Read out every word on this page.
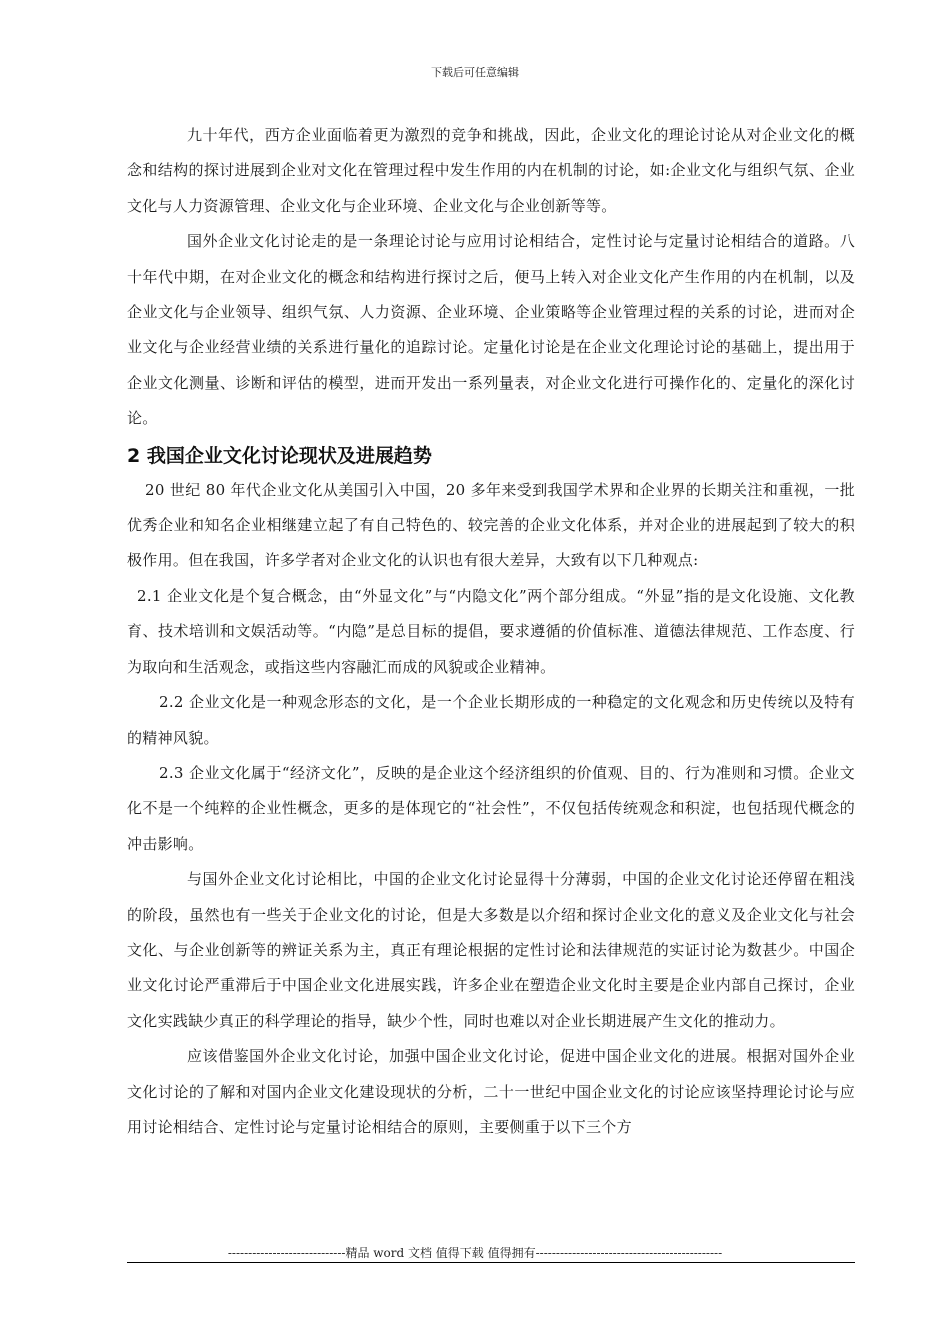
下载后可任意编辑

九十年代，西方企业面临着更为激烈的竞争和挑战，因此，企业文化的理论讨论从对企业文化的概念和结构的探讨进展到企业对文化在管理过程中发生作用的内在机制的讨论，如:企业文化与组织气氛、企业文化与人力资源管理、企业文化与企业环境、企业文化与企业创新等等。

国外企业文化讨论走的是一条理论讨论与应用讨论相结合，定性讨论与定量讨论相结合的道路。八十年代中期，在对企业文化的概念和结构进行探讨之后，便马上转入对企业文化产生作用的内在机制，以及企业文化与企业领导、组织气氛、人力资源、企业环境、企业策略等企业管理过程的关系的讨论，进而对企业文化与企业经营业绩的关系进行量化的追踪讨论。定量化讨论是在企业文化理论讨论的基础上，提出用于企业文化测量、诊断和评估的模型，进而开发出一系列量表，对企业文化进行可操作化的、定量化的深化讨论。

2 我国企业文化讨论现状及进展趋势

20 世纪 80 年代企业文化从美国引入中国，20 多年来受到我国学术界和企业界的长期关注和重视，一批优秀企业和知名企业相继建立起了有自己特色的、较完善的企业文化体系，并对企业的进展起到了较大的积极作用。但在我国，许多学者对企业文化的认识也有很大差异，大致有以下几种观点:

2.1 企业文化是个复合概念，由“外显文化”与“内隐文化”两个部分组成。“外显”指的是文化设施、文化教育、技术培训和文娱活动等。“内隐”是总目标的提倡，要求遵循的价值标准、道德法律规范、工作态度、行为取向和生活观念，或指这些内容融汇而成的风貌或企业精神。

2.2 企业文化是一种观念形态的文化，是一个企业长期形成的一种稳定的文化观念和历史传统以及特有的精神风貌。

2.3 企业文化属于“经济文化”，反映的是企业这个经济组织的价值观、目的、行为准则和习惯。企业文化不是一个纯粹的企业性概念，更多的是体现它的“社会性”，不仅包括传统观念和积淀，也包括现代概念的冲击影响。

与国外企业文化讨论相比，中国的企业文化讨论显得十分薄弱，中国的企业文化讨论还停留在粗浅的阶段，虽然也有一些关于企业文化的讨论，但是大多数是以介绍和探讨企业文化的意义及企业文化与社会文化、与企业创新等的辨证关系为主，真正有理论根据的定性讨论和法律规范的实证讨论为数甚少。中国企业文化讨论严重滞后于中国企业文化进展实践，许多企业在塑造企业文化时主要是企业内部自己探讨，企业文化实践缺少真正的科学理论的指导，缺少个性，同时也难以对企业长期进展产生文化的推动力。

应该借鉴国外企业文化讨论，加强中国企业文化讨论，促进中国企业文化的进展。根据对国外企业文化讨论的了解和对国内企业文化建设现状的分析，二十一世纪中国企业文化的讨论应该坚持理论讨论与应用讨论相结合、定性讨论与定量讨论相结合的原则，主要侧重于以下三个方

-----------------------------精品 word 文档 值得下载 值得拥有----------------------------------------------
